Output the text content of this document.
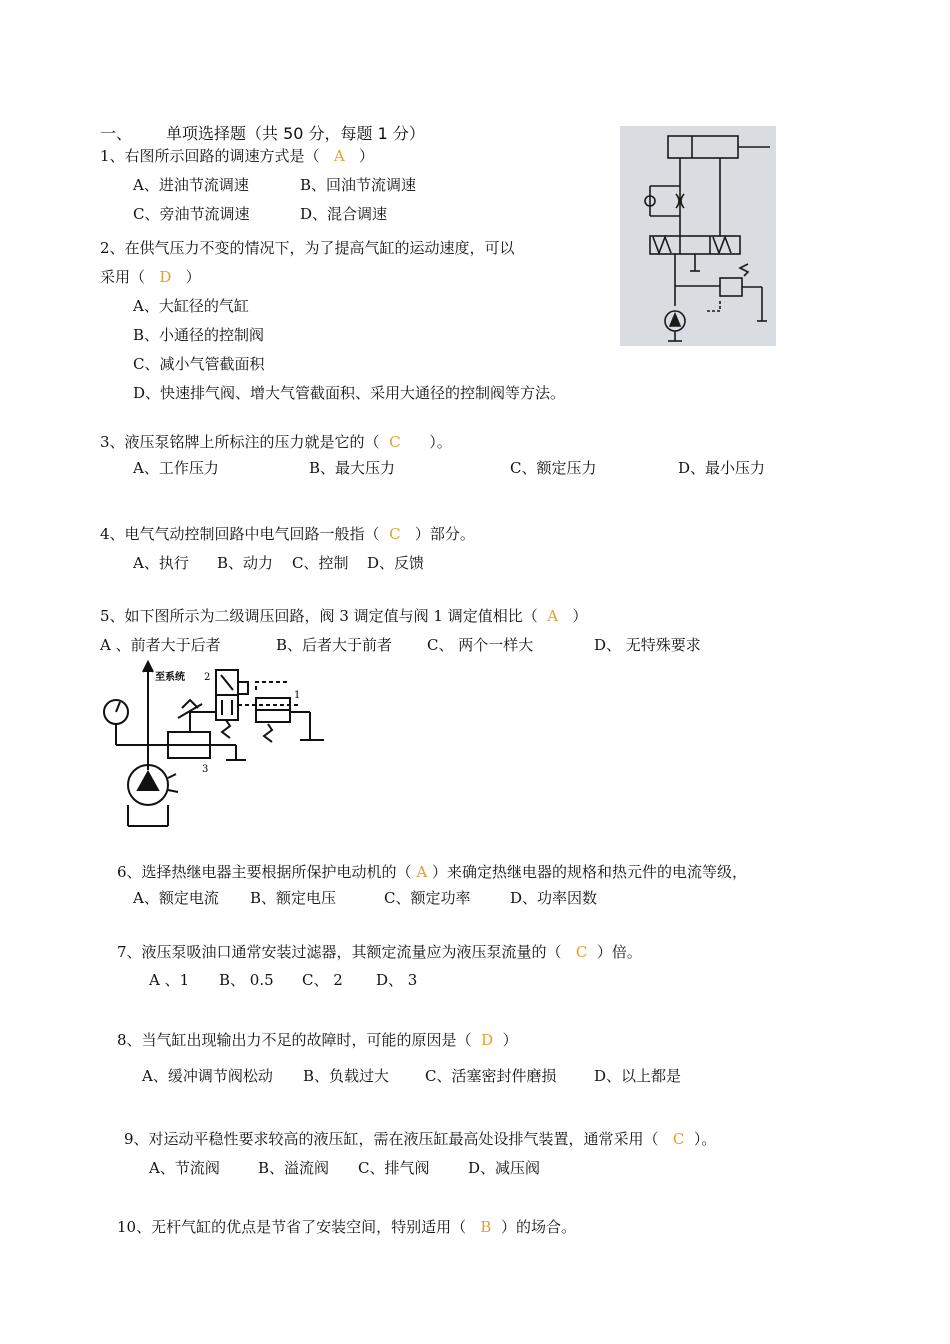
一、 单项选择题（共 50 分，每题 1 分）
1、右图所示回路的调速方式是（ A ）
A、进油节流调速	B、回油节流调速
C、旁油节流调速	D、混合调速
2、在供气压力不变的情况下，为了提高气缸的运动速度，可以
采用（ D ）
A、大缸径的气缸
B、小通径的控制阀
C、减小气管截面积
D、快速排气阀、增大气管截面积、采用大通径的控制阀等方法。
3、液压泵铭牌上所标注的压力就是它的（ C ）。
A、工作压力	B、最大压力	C、额定压力	D、最小压力
4、电气气动控制回路中电气回路一般指（ C ）部分。
A、执行 B、动力 C、控制 D、反馈
5、如下图所示为二级调压回路，阀 3 调定值与阀 1 调定值相比（ A ）
A 、前者大于后者	B、后者大于前者 C、 两个一样大	D、 无特殊要求
至系统 2
1
3
6、选择热继电器主要根据所保护电动机的（ A ）来确定热继电器的规格和热元件的电流等级，
A、额定电流 B、额定电压	C、额定功率	D、功率因数
7、液压泵吸油口通常安装过滤器，其额定流量应为液压泵流量的（ C ）倍。
A 、1 B、 0.5 C、 2 D、 3
8、当气缸出现输出力不足的故障时，可能的原因是（ D ）
A、缓冲调节阀松动 B、负载过大 C、活塞密封件磨损	D、以上都是
9、对运动平稳性要求较高的液压缸，需在液压缸最高处设排气装置，通常采用（ C ）。
A、节流阀	B、溢流阀 C、排气阀	D、减压阀
10、无杆气缸的优点是节省了安装空间，特别适用（ B ）的场合。
